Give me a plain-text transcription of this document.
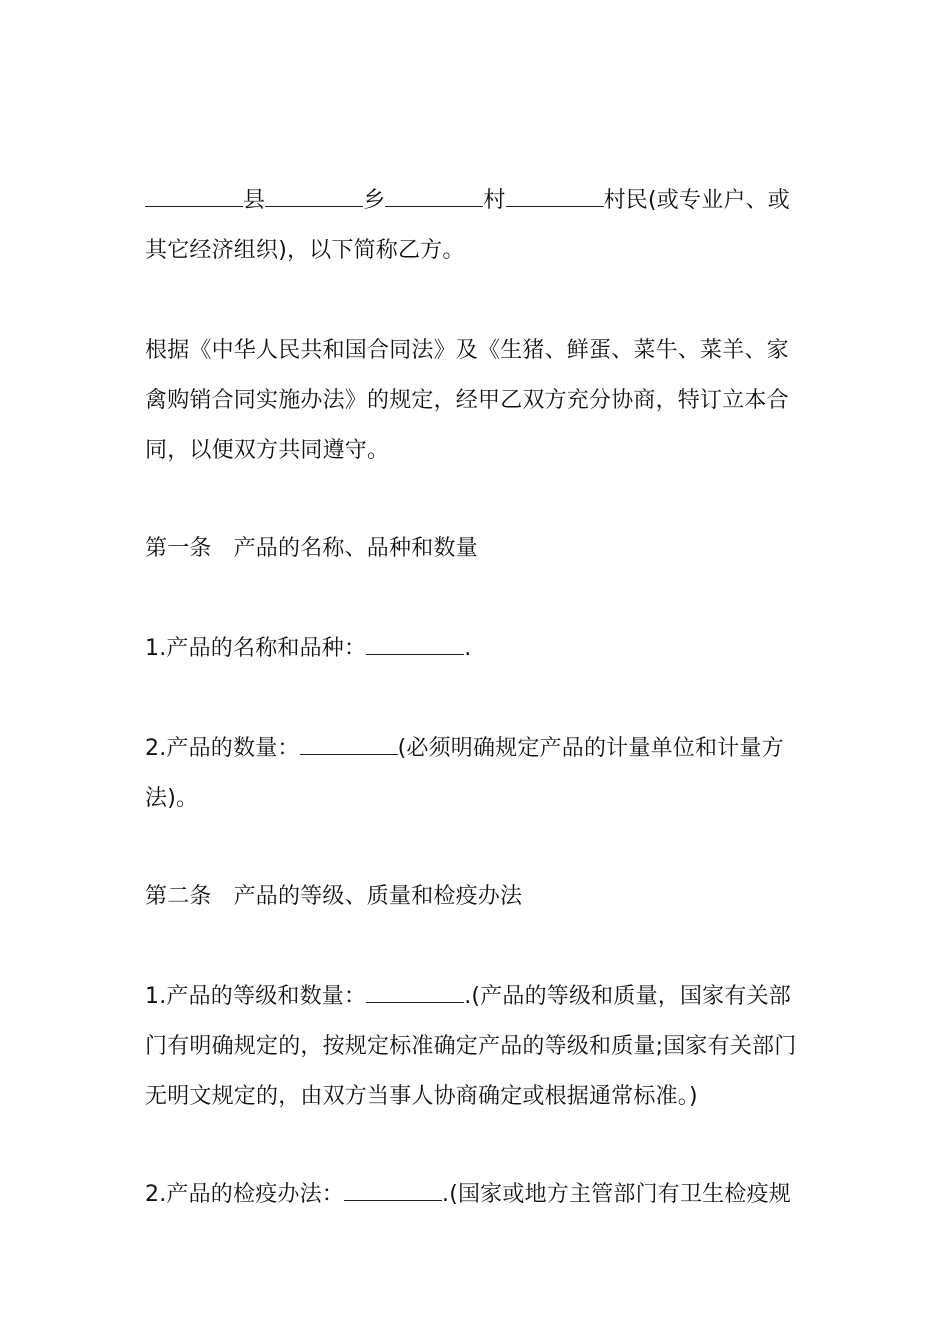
县	乡	村	村民(或专业户、或
其它经济组织)，以下简称乙方。

根据《中华人民共和国合同法》及《生猪、鲜蛋、菜牛、菜羊、家
禽购销合同实施办法》的规定，经甲乙双方充分协商，特订立本合
同，以便双方共同遵守。

第一条 产品的名称、品种和数量

1.产品的名称和品种：	.

2.产品的数量：	(必须明确规定产品的计量单位和计量方
法)。

第二条 产品的等级、质量和检疫办法

1.产品的等级和数量：	.(产品的等级和质量，国家有关部
门有明确规定的，按规定标准确定产品的等级和质量;国家有关部门
无明文规定的，由双方当事人协商确定或根据通常标准。)

2.产品的检疫办法：	.(国家或地方主管部门有卫生检疫规
